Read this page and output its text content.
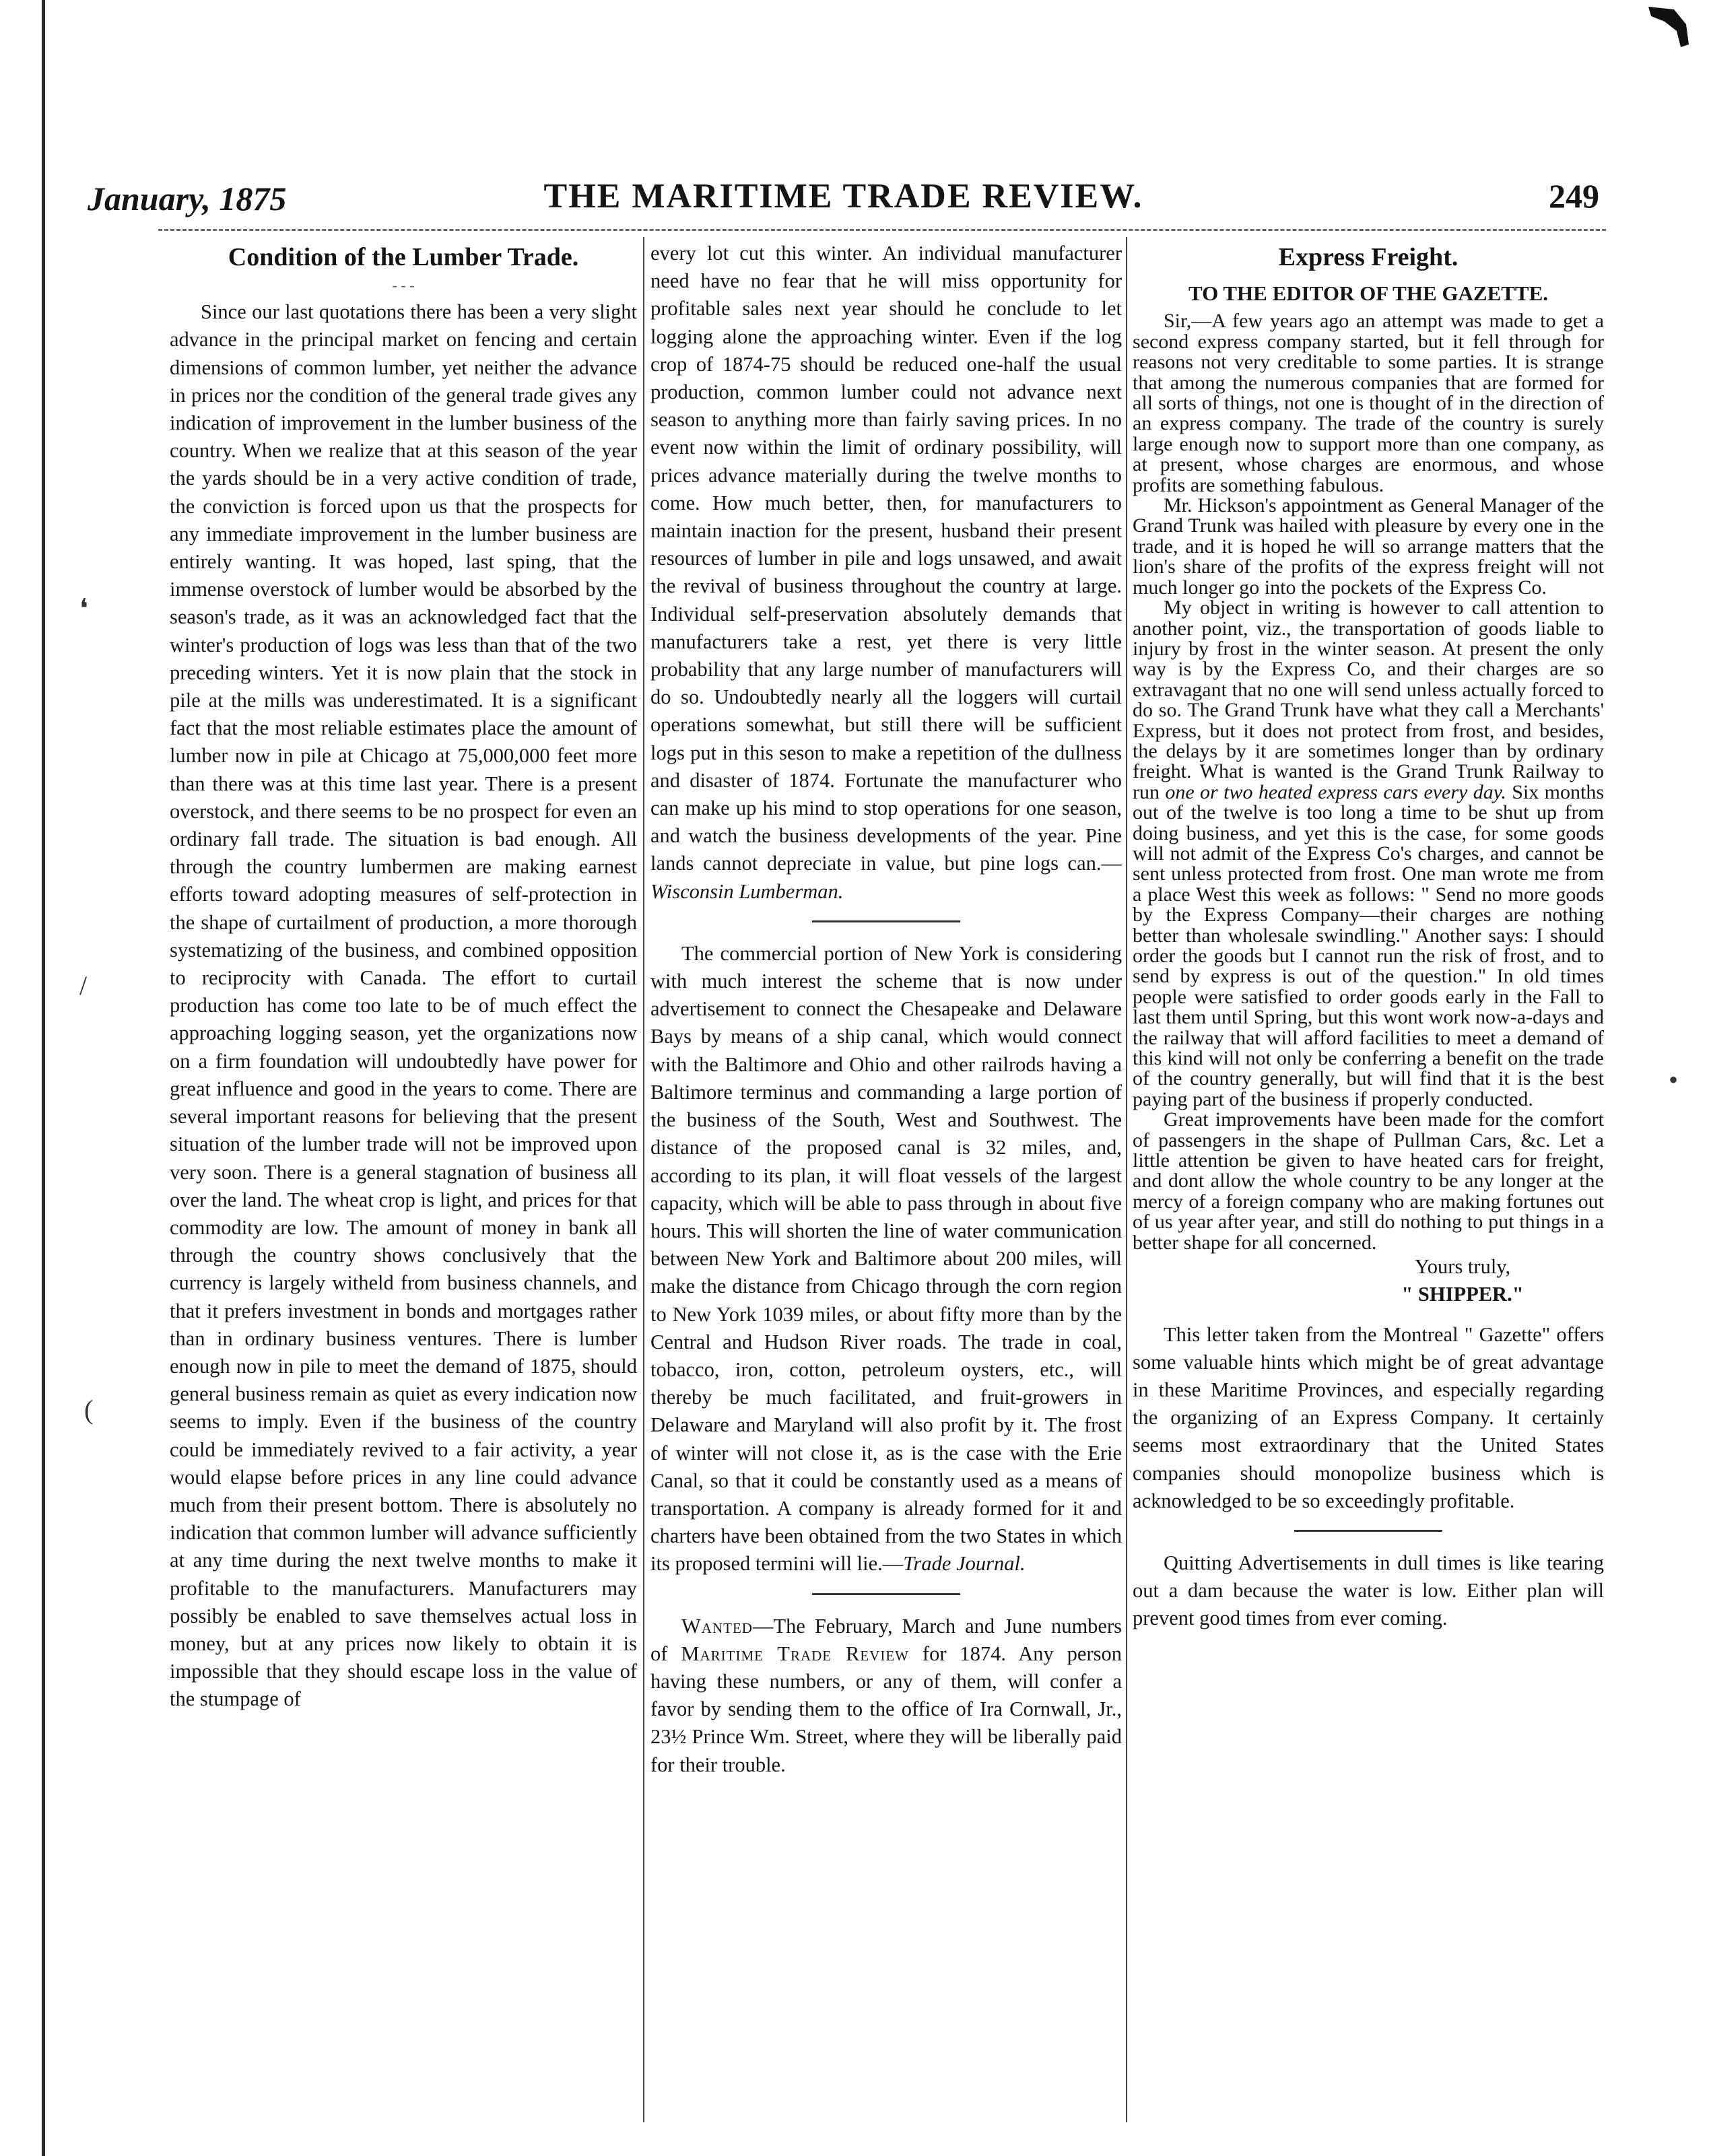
January, 1875	THE MARITIME TRADE REVIEW.	249
Condition of the Lumber Trade.
- - -

Since our last quotations there has been a very slight advance in the principal market on fencing and certain dimensions of common lumber, yet neither the advance in prices nor the condition of the general trade gives any indication of improvement in the lumber business of the country. When we realize that at this season of the year the yards should be in a very active condition of trade, the conviction is forced upon us that the prospects for any immediate improvement in the lumber business are entirely wanting. It was hoped, last sping, that the immense overstock of lumber would be absorbed by the season's trade, as it was an acknowledged fact that the winter's production of logs was less than that of the two preceding winters. Yet it is now plain that the stock in pile at the mills was underestimated. It is a significant fact that the most reliable estimates place the amount of lumber now in pile at Chicago at 75,000,000 feet more than there was at this time last year. There is a present overstock, and there seems to be no prospect for even an ordinary fall trade. The situation is bad enough. All through the country lumbermen are making earnest efforts toward adopting measures of self-protection in the shape of curtailment of production, a more thorough systematizing of the business, and combined opposition to reciprocity with Canada. The effort to curtail production has come too late to be of much effect the approaching logging season, yet the organizations now on a firm foundation will undoubtedly have power for great influence and good in the years to come. There are several important reasons for believing that the present situation of the lumber trade will not be improved upon very soon. There is a general stagnation of business all over the land. The wheat crop is light, and prices for that commodity are low. The amount of money in bank all through the country shows conclusively that the currency is largely witheld from business channels, and that it prefers investment in bonds and mortgages rather than in ordinary business ventures. There is lumber enough now in pile to meet the demand of 1875, should general business remain as quiet as every indication now seems to imply. Even if the business of the country could be immediately revived to a fair activity, a year would elapse before prices in any line could advance much from their present bottom. There is absolutely no indication that common lumber will advance sufficiently at any time during the next twelve months to make it profitable to the manufacturers. Manufacturers may possibly be enabled to save themselves actual loss in money, but at any prices now likely to obtain it is impossible that they should escape loss in the value of the stumpage of

every lot cut this winter. An individual manufacturer need have no fear that he will miss opportunity for profitable sales next year should he conclude to let logging alone the approaching winter. Even if the log crop of 1874-75 should be reduced one-half the usual production, common lumber could not advance next season to anything more than fairly saving prices. In no event now within the limit of ordinary possibility, will prices advance materially during the twelve months to come. How much better, then, for manufacturers to maintain inaction for the present, husband their present resources of lumber in pile and logs unsawed, and await the revival of business throughout the country at large. Individual self-preservation absolutely demands that manufacturers take a rest, yet there is very little probability that any large number of manufacturers will do so. Undoubtedly nearly all the loggers will curtail operations somewhat, but still there will be sufficient logs put in this seson to make a repetition of the dullness and disaster of 1874. Fortunate the manufacturer who can make up his mind to stop operations for one season, and watch the business developments of the year. Pine lands cannot depreciate in value, but pine logs can.—Wisconsin Lumberman.

The commercial portion of New York is considering with much interest the scheme that is now under advertisement to connect the Chesapeake and Delaware Bays by means of a ship canal, which would connect with the Baltimore and Ohio and other railrods having a Baltimore terminus and commanding a large portion of the business of the South, West and Southwest. The distance of the proposed canal is 32 miles, and, according to its plan, it will float vessels of the largest capacity, which will be able to pass through in about five hours. This will shorten the line of water communication between New York and Baltimore about 200 miles, will make the distance from Chicago through the corn region to New York 1039 miles, or about fifty more than by the Central and Hudson River roads. The trade in coal, tobacco, iron, cotton, petroleum oysters, etc., will thereby be much facilitated, and fruit-growers in Delaware and Maryland will also profit by it. The frost of winter will not close it, as is the case with the Erie Canal, so that it could be constantly used as a means of transportation. A company is already formed for it and charters have been obtained from the two States in which its proposed termini will lie.—Trade Journal.

Wanted—The February, March and June numbers of Maritime Trade Review for 1874. Any person having these numbers, or any of them, will confer a favor by sending them to the office of Ira Cornwall, Jr., 23½ Prince Wm. Street, where they will be liberally paid for their trouble.

Express Freight.

TO THE EDITOR OF THE GAZETTE.

Sir,—A few years ago an attempt was made to get a second express company started, but it fell through for reasons not very creditable to some parties. It is strange that among the numerous companies that are formed for all sorts of things, not one is thought of in the direction of an express company. The trade of the country is surely large enough now to support more than one company, as at present, whose charges are enormous, and whose profits are something fabulous.

Mr. Hickson's appointment as General Manager of the Grand Trunk was hailed with pleasure by every one in the trade, and it is hoped he will so arrange matters that the lion's share of the profits of the express freight will not much longer go into the pockets of the Express Co.

My object in writing is however to call attention to another point, viz., the transportation of goods liable to injury by frost in the winter season. At present the only way is by the Express Co, and their charges are so extravagant that no one will send unless actually forced to do so. The Grand Trunk have what they call a Merchants' Express, but it does not protect from frost, and besides, the delays by it are sometimes longer than by ordinary freight. What is wanted is the Grand Trunk Railway to run one or two heated express cars every day. Six months out of the twelve is too long a time to be shut up from doing business, and yet this is the case, for some goods will not admit of the Express Co's charges, and cannot be sent unless protected from frost. One man wrote me from a place West this week as follows: " Send no more goods by the Express Company—their charges are nothing better than wholesale swindling." Another says: I should order the goods but I cannot run the risk of frost, and to send by express is out of the question." In old times people were satisfied to order goods early in the Fall to last them until Spring, but this wont work now-a-days and the railway that will afford facilities to meet a demand of this kind will not only be conferring a benefit on the trade of the country generally, but will find that it is the best paying part of the business if properly conducted.

Great improvements have been made for the comfort of passengers in the shape of Pullman Cars, &c. Let a little attention be given to have heated cars for freight, and dont allow the whole country to be any longer at the mercy of a foreign company who are making fortunes out of us year after year, and still do nothing to put things in a better shape for all concerned.

Yours truly,

" SHIPPER."

This letter taken from the Montreal " Gazette" offers some valuable hints which might be of great advantage in these Maritime Provinces, and especially regarding the organizing of an Express Company. It certainly seems most extraordinary that the United States companies should monopolize business which is acknowledged to be so exceedingly profitable.

Quitting Advertisements in dull times is like tearing out a dam because the water is low. Either plan will prevent good times from ever coming.

❛
/
(
•
